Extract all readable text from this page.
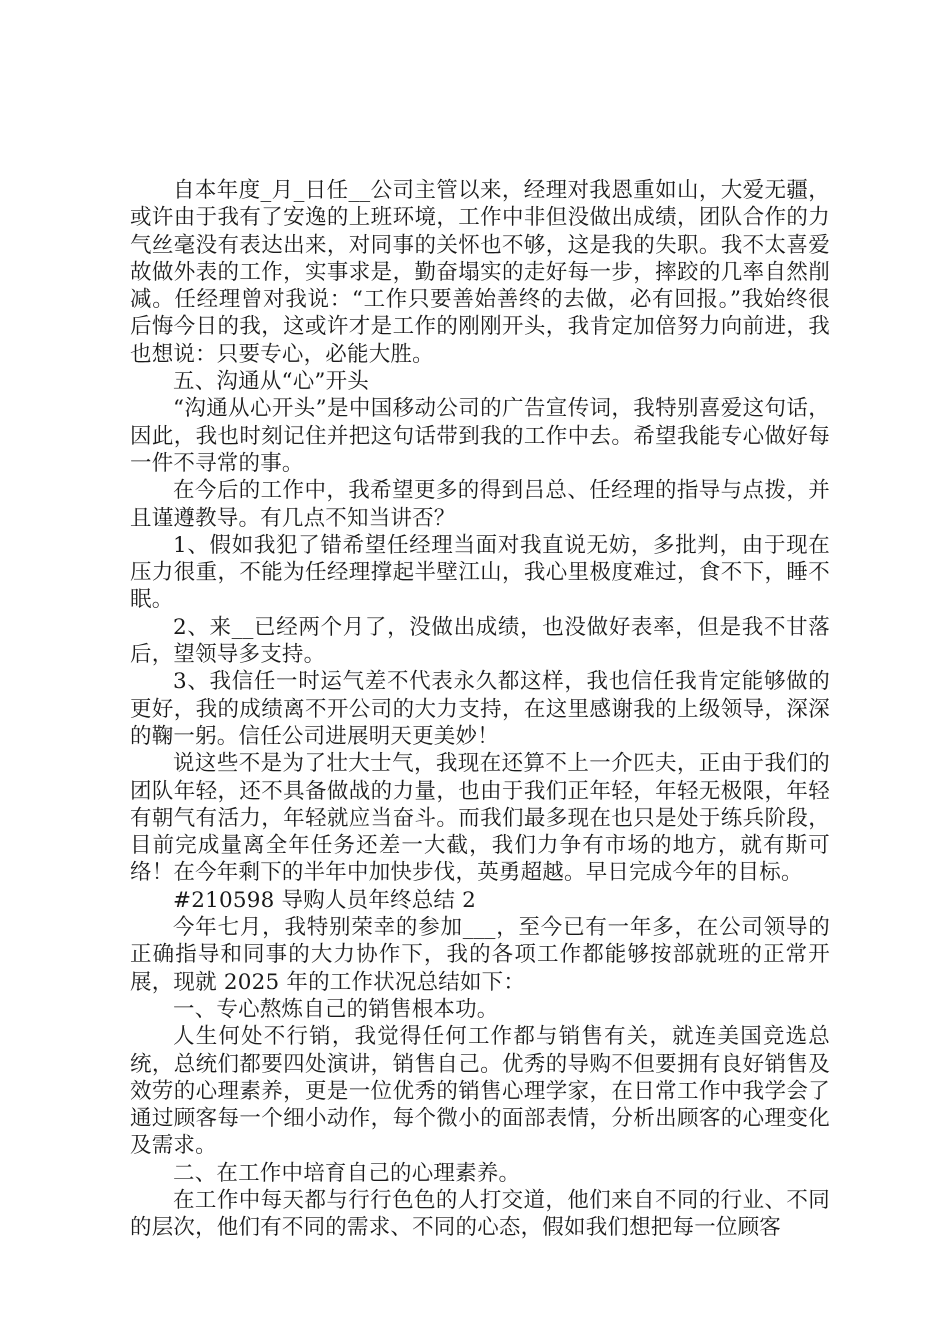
自本年度_月_日任__公司主管以来，经理对我恩重如山，大爱无疆，或许由于我有了安逸的上班环境，工作中非但没做出成绩，团队合作的力气丝毫没有表达出来，对同事的关怀也不够，这是我的失职。我不太喜爱故做外表的工作，实事求是，勤奋塌实的走好每一步，摔跤的几率自然削减。任经理曾对我说：“工作只要善始善终的去做，必有回报。”我始终很后悔今日的我，这或许才是工作的刚刚开头，我肯定加倍努力向前进，我也想说：只要专心，必能大胜。

五、沟通从“心”开头

“沟通从心开头”是中国移动公司的广告宣传词，我特别喜爱这句话，因此，我也时刻记住并把这句话带到我的工作中去。希望我能专心做好每一件不寻常的事。

在今后的工作中，我希望更多的得到吕总、任经理的指导与点拨，并且谨遵教导。有几点不知当讲否？

1、假如我犯了错希望任经理当面对我直说无妨，多批判，由于现在压力很重，不能为任经理撑起半壁江山，我心里极度难过，食不下，睡不眠。

2、来__已经两个月了，没做出成绩，也没做好表率，但是我不甘落后，望领导多支持。

3、我信任一时运气差不代表永久都这样，我也信任我肯定能够做的更好，我的成绩离不开公司的大力支持，在这里感谢我的上级领导，深深的鞠一躬。信任公司进展明天更美妙！

说这些不是为了壮大士气，我现在还算不上一介匹夫，正由于我们的团队年轻，还不具备做战的力量，也由于我们正年轻，年轻无极限，年轻有朝气有活力，年轻就应当奋斗。而我们最多现在也只是处于练兵阶段，目前完成量离全年任务还差一大截，我们力争有市场的地方，就有斯可络！在今年剩下的半年中加快步伐，英勇超越。早日完成今年的目标。

#210598 导购人员年终总结 2

今年七月，我特别荣幸的参加___，至今已有一年多，在公司领导的正确指导和同事的大力协作下，我的各项工作都能够按部就班的正常开展，现就 2025 年的工作状况总结如下：

一、专心熬炼自己的销售根本功。

人生何处不行销，我觉得任何工作都与销售有关，就连美国竞选总统，总统们都要四处演讲，销售自己。优秀的导购不但要拥有良好销售及效劳的心理素养，更是一位优秀的销售心理学家，在日常工作中我学会了通过顾客每一个细小动作，每个微小的面部表情，分析出顾客的心理变化及需求。

二、在工作中培育自己的心理素养。

在工作中每天都与行行色色的人打交道，他们来自不同的行业、不同的层次，他们有不同的需求、不同的心态，假如我们想把每一位顾客
